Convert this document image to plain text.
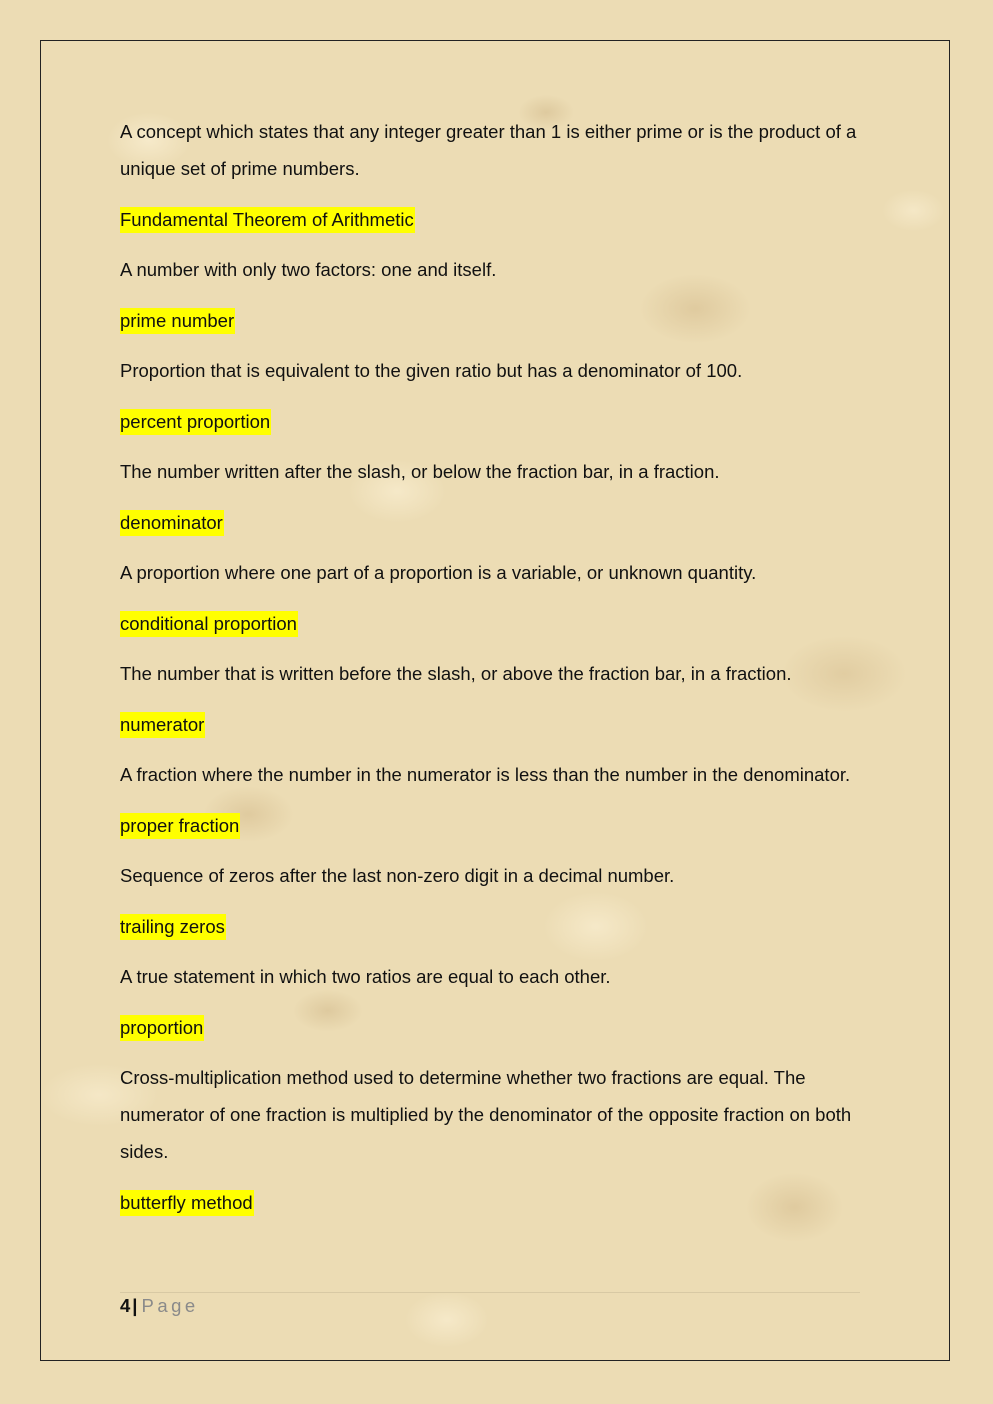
A concept which states that any integer greater than 1 is either prime or is the product of a unique set of prime numbers.

Fundamental Theorem of Arithmetic

A number with only two factors: one and itself.

prime number

Proportion that is equivalent to the given ratio but has a denominator of 100.

percent proportion

The number written after the slash, or below the fraction bar, in a fraction.

denominator

A proportion where one part of a proportion is a variable, or unknown quantity.

conditional proportion

The number that is written before the slash, or above the fraction bar, in a fraction.

numerator

A fraction where the number in the numerator is less than the number in the denominator.

proper fraction

Sequence of zeros after the last non-zero digit in a decimal number.

trailing zeros

A true statement in which two ratios are equal to each other.

proportion

Cross-multiplication method used to determine whether two fractions are equal. The numerator of one fraction is multiplied by the denominator of the opposite fraction on both sides.

butterfly method

4 | Page
